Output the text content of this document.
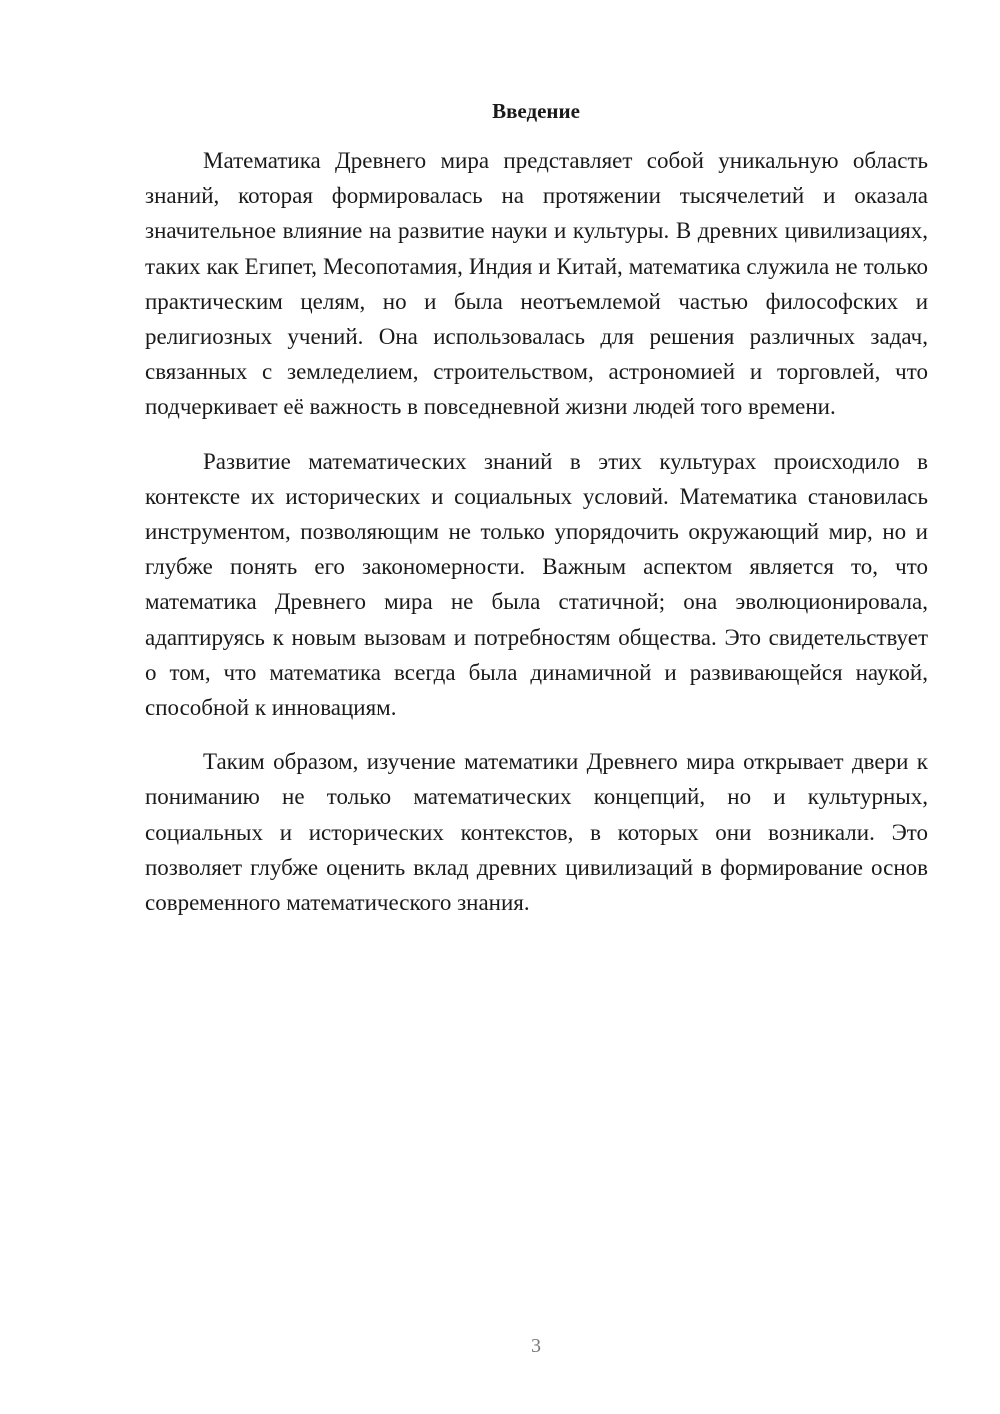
Введение

Математика Древнего мира представляет собой уникальную область знаний, которая формировалась на протяжении тысячелетий и оказала значительное влияние на развитие науки и культуры. В древних цивилизациях, таких как Египет, Месопотамия, Индия и Китай, математика служила не только практическим целям, но и была неотъемлемой частью философских и религиозных учений. Она использовалась для решения различных задач, связанных с земледелием, строительством, астрономией и торговлей, что подчеркивает её важность в повседневной жизни людей того времени.

Развитие математических знаний в этих культурах происходило в контексте их исторических и социальных условий. Математика становилась инструментом, позволяющим не только упорядочить окружающий мир, но и глубже понять его закономерности. Важным аспектом является то, что математика Древнего мира не была статичной; она эволюционировала, адаптируясь к новым вызовам и потребностям общества. Это свидетельствует о том, что математика всегда была динамичной и развивающейся наукой, способной к инновациям.

Таким образом, изучение математики Древнего мира открывает двери к пониманию не только математических концепций, но и культурных, социальных и исторических контекстов, в которых они возникали. Это позволяет глубже оценить вклад древних цивилизаций в формирование основ современного математического знания.

3
